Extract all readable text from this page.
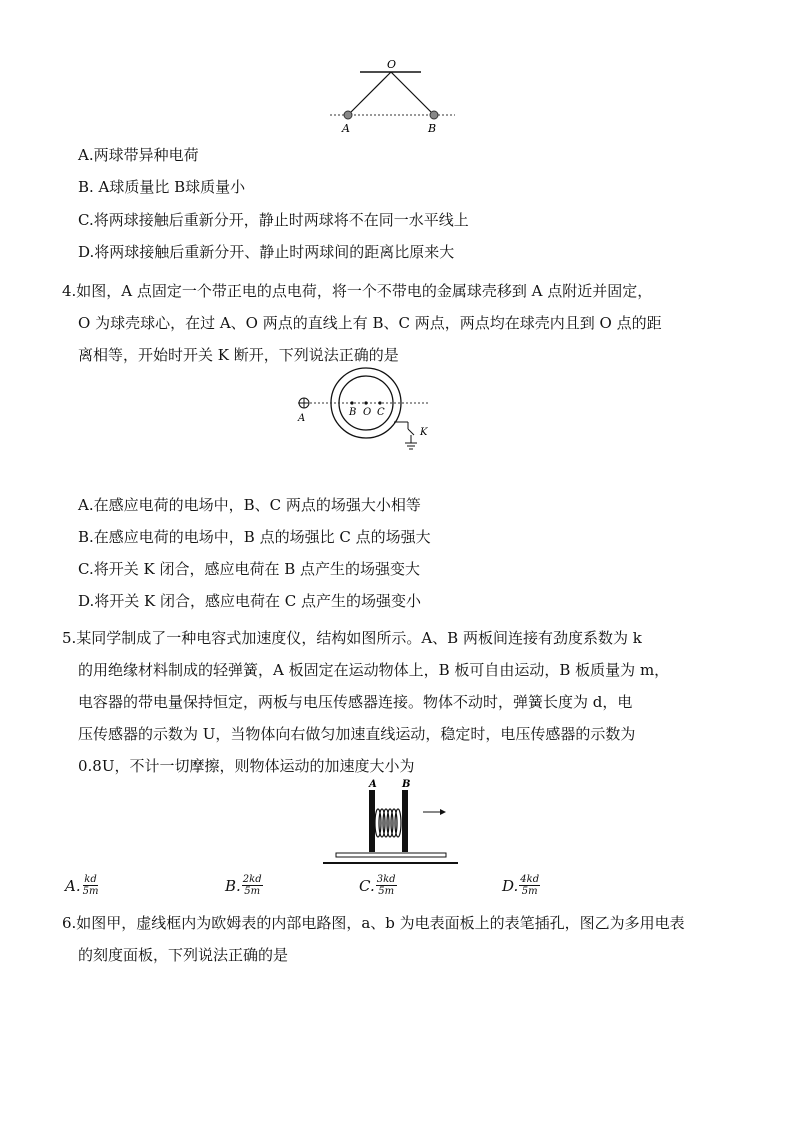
O
A	B
A.两球带异种电荷
B. A球质量比 B球质量小
C.将两球接触后重新分开，静止时两球将不在同一水平线上
D.将两球接触后重新分开、静止时两球间的距离比原来大
4.如图，A 点固定一个带正电的点电荷，将一个不带电的金属球壳移到 A 点附近并固定，
O 为球壳球心，在过 A、O 两点的直线上有 B、C 两点，两点均在球壳内且到 O 点的距
离相等，开始时开关 K 断开，下列说法正确的是
A
B O C
K
A.在感应电荷的电场中，B、C 两点的场强大小相等
B.在感应电荷的电场中，B 点的场强比 C 点的场强大
C.将开关 K 闭合，感应电荷在 B 点产生的场强变大
D.将开关 K 闭合，感应电荷在 C 点产生的场强变小
5.某同学制成了一种电容式加速度仪，结构如图所示。A、B 两板间连接有劲度系数为 k
的用绝缘材料制成的轻弹簧，A 板固定在运动物体上，B 板可自由运动，B 板质量为 m，
电容器的带电量保持恒定，两板与电压传感器连接。物体不动时，弹簧长度为 d，电
压传感器的示数为 U，当物体向右做匀加速直线运动，稳定时，电压传感器的示数为
0.8U，不计一切摩擦，则物体运动的加速度大小为
A	B
A. $\frac{kd}{5m}$	B. $\frac{2kd}{5m}$	C. $\frac{3kd}{5m}$	D. $\frac{4kd}{5m}$
6.如图甲，虚线框内为欧姆表的内部电路图，a、b 为电表面板上的表笔插孔，图乙为多用电表
的刻度面板，下列说法正确的是
